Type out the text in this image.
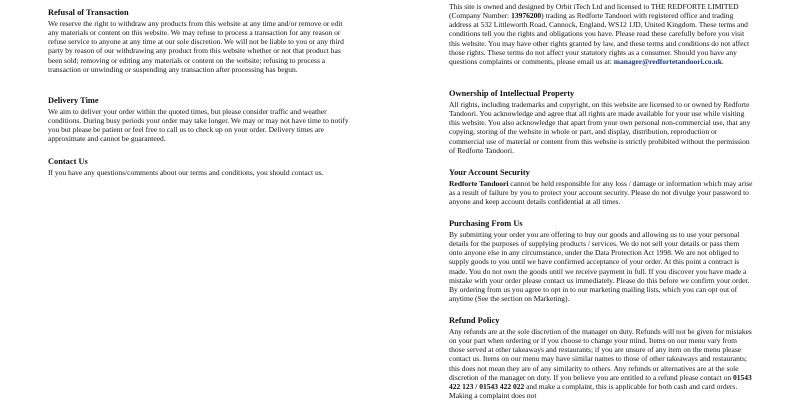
Refusal of Transaction

We reserve the right to withdraw any products from this website at any time and/or remove or edit any materials or content on this website. We may refuse to process a transaction for any reason or refuse service to anyone at any time at our sole discretion. We will not be liable to you or any third party by reason of our withdrawing any product from this website whether or not that product has been sold; removing or editing any materials or content on the website; refusing to process a transaction or unwinding or suspending any transaction after processing has begun.

Delivery Time

We aim to deliver your order within the quoted times, but please consider traffic and weather conditions. During busy periods your order may take longer. We may or may not have time to notify you but please be patient or feel free to call us to check up on your order. Delivery times are approximate and cannot be guaranteed.

Contact Us

If you have any questions/comments about our terms and conditions, you should contact us.

This site is owned and designed by Orbit iTech Ltd and licensed to THE REDFORTE LIMITED (Company Number: 13976200) trading as Redforte Tandoori with registered office and trading address at 532 Littleworth Road, Cannock, England, WS12 1JD, United Kingdom. These terms and conditions tell you the rights and obligations you have. Please read these carefully before you visit this website. You may have other rights granted by law, and these terms and conditions do not affect those rights. These terms do not affect your statutory rights as a consumer. Should you have any questions complaints or comments, please email us at: manager@redfortetandoori.co.uk.

Ownership of Intellectual Property

All rights, including trademarks and copyright, on this website are licensed to or owned by Redforte Tandoori. You acknowledge and agree that all rights are made available for your use while visiting this website. You also acknowledge that apart from your own personal non-commercial use, that any copying, storing of the website in whole or part, and display, distribution, reproduction or commercial use of material or content from this website is strictly prohibited without the permission of Redforte Tandoori.

Your Account Security

Redforte Tandoori cannot be held responsible for any loss / damage or information which may arise as a result of failure by you to protect your account security. Please do not divulge your password to anyone and keep account details confidential at all times.

Purchasing From Us

By submitting your order you are offering to buy our goods and allowing us to use your personal details for the purposes of supplying products / services. We do not sell your details or pass them onto anyone else in any circumstance, under the Data Protection Act 1998. We are not obliged to supply goods to you until we have confirmed acceptance of your order. At this point a contract is made. You do not own the goods until we receive payment in full. If you discover you have made a mistake with your order please contact us immediately. Please do this before we confirm your order. By ordering from us you agree to opt in to our marketing mailing lists, which you can opt out of anytime (See the section on Marketing).

Refund Policy

Any refunds are at the sole discretion of the manager on duty. Refunds will not be given for mistakes on your part when ordering or if you choose to change your mind. Items on our menu vary from those served at other takeaways and restaurants; if you are unsure of any item on the menu please contact us. Items on our menu may have similar names to those of other takeaways and restaurants; this does not mean they are of any similarity to others. Any refunds or alternatives are at the sole discretion of the manager on duty. If you believe you are entitled to a refund please contact on 01543 422 123 / 01543 422 022 and make a complaint, this is applicable for both cash and card orders. Making a complaint does not
